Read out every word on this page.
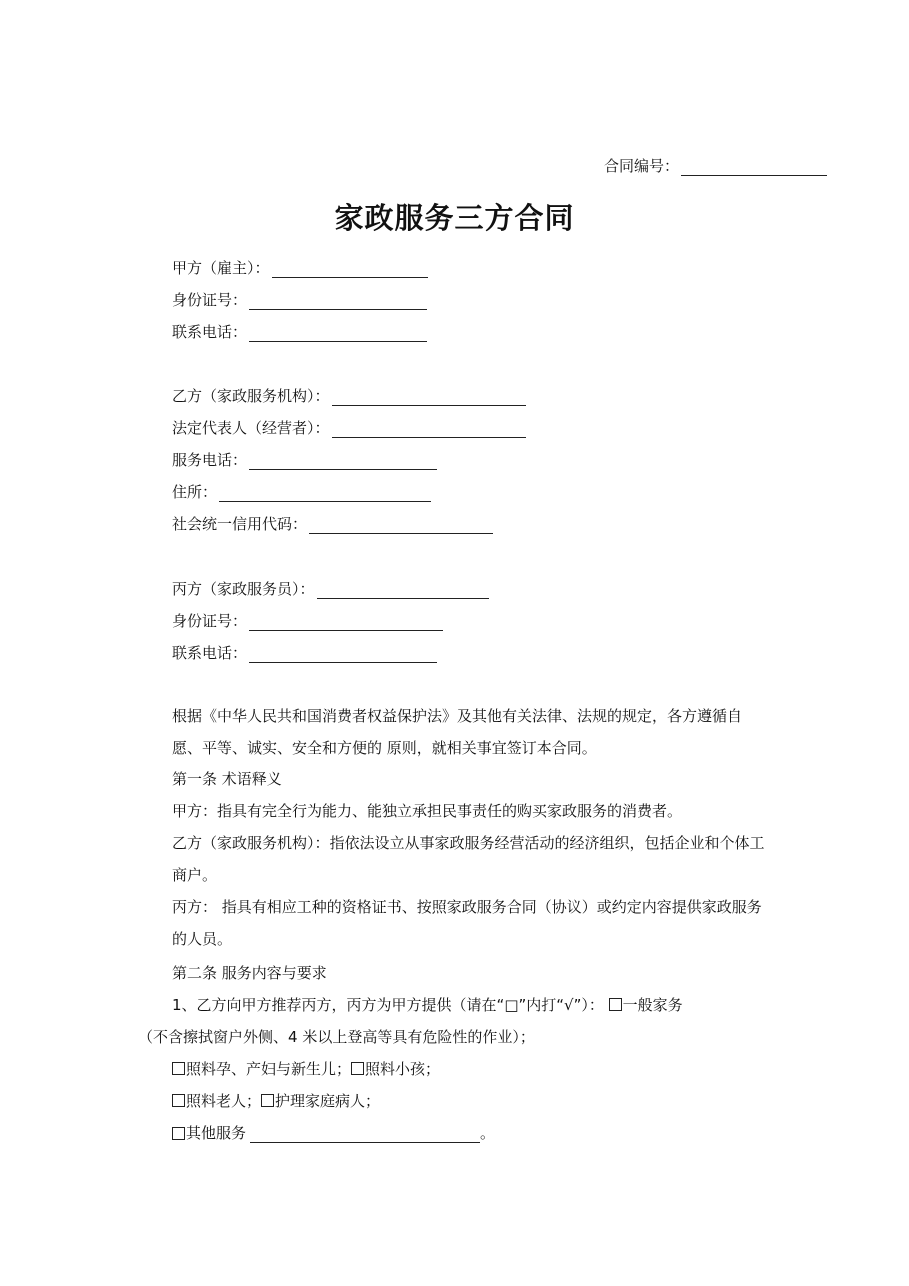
合同编号：
家政服务三方合同
甲方（雇主）：
身份证号：
联系电话：
乙方（家政服务机构）：
法定代表人（经营者）：
服务电话：
住所：
社会统一信用代码：
丙方（家政服务员）：
身份证号：
联系电话：
根据《中华人民共和国消费者权益保护法》及其他有关法律、法规的规定，各方遵循自愿、平等、诚实、安全和方便的 原则，就相关事宜签订本合同。
第一条 术语释义
甲方：指具有完全行为能力、能独立承担民事责任的购买家政服务的消费者。
乙方（家政服务机构）：指依法设立从事家政服务经营活动的经济组织，包括企业和个体工商户。
丙方： 指具有相应工种的资格证书、按照家政服务合同（协议）或约定内容提供家政服务的人员。
第二条 服务内容与要求
1、乙方向甲方推荐丙方，丙方为甲方提供（请在“□”内打“√”）： 一般家务
（不含擦拭窗户外侧、4 米以上登高等具有危险性的作业）；
照料孕、产妇与新生儿； 照料小孩；
照料老人； 护理家庭病人；
其他服务	。
